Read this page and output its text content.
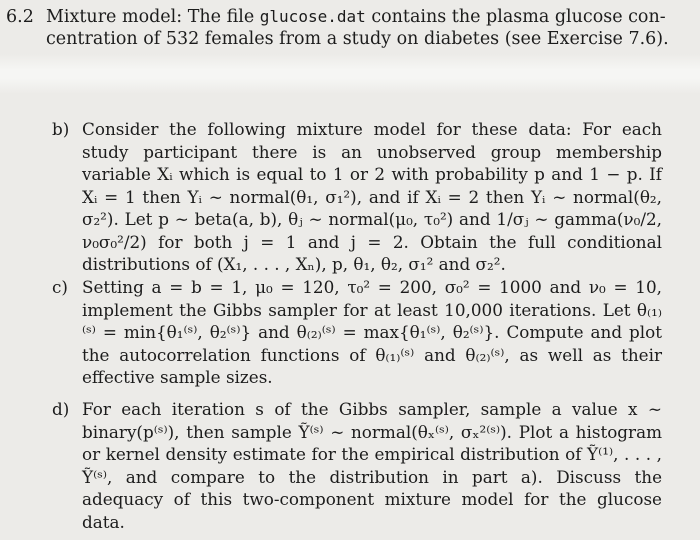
6.2 Mixture model: The file glucose.dat contains the plasma glucose con-
centration of 532 females from a study on diabetes (see Exercise 7.6).
b) Consider the following mixture model for these data: For each study participant there is an unobserved group membership variable Xᵢ which is equal to 1 or 2 with probability p and 1 − p. If Xᵢ = 1 then Yᵢ ∼ normal(θ₁, σ₁²), and if Xᵢ = 2 then Yᵢ ∼ normal(θ₂, σ₂²). Let p ∼ beta(a, b), θⱼ ∼ normal(μ₀, τ₀²) and 1/σⱼ ∼ gamma(ν₀/2, ν₀σ₀²/2) for both j = 1 and j = 2. Obtain the full conditional distributions of (X₁, . . . , Xₙ), p, θ₁, θ₂, σ₁² and σ₂².
c) Setting a = b = 1, μ₀ = 120, τ₀² = 200, σ₀² = 1000 and ν₀ = 10, implement the Gibbs sampler for at least 10,000 iterations. Let θ₍₁₎⁽ˢ⁾ = min{θ₁⁽ˢ⁾, θ₂⁽ˢ⁾} and θ₍₂₎⁽ˢ⁾ = max{θ₁⁽ˢ⁾, θ₂⁽ˢ⁾}. Compute and plot the autocorrelation functions of θ₍₁₎⁽ˢ⁾ and θ₍₂₎⁽ˢ⁾, as well as their effective sample sizes.
d) For each iteration s of the Gibbs sampler, sample a value x ∼ binary(p⁽ˢ⁾), then sample Ỹ⁽ˢ⁾ ∼ normal(θₓ⁽ˢ⁾, σₓ²⁽ˢ⁾). Plot a histogram or kernel density estimate for the empirical distribution of Ỹ⁽¹⁾, . . . , Ỹ⁽ˢ⁾, and compare to the distribution in part a). Discuss the adequacy of this two-component mixture model for the glucose data.
